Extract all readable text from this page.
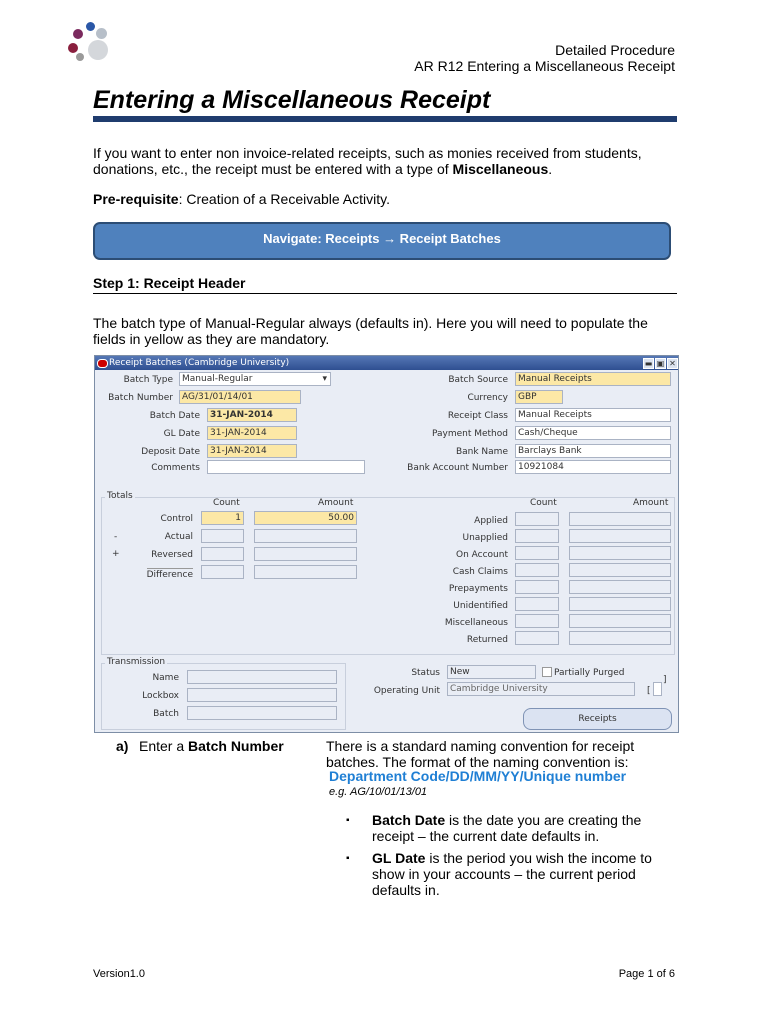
Detailed Procedure
AR R12 Entering a Miscellaneous Receipt
Entering a Miscellaneous Receipt
If you want to enter non invoice-related receipts, such as monies received from students, donations, etc., the receipt must be entered with a type of Miscellaneous.
Pre-requisite: Creation of a Receivable Activity.
Navigate: Receipts → Receipt Batches
Step 1: Receipt Header
The batch type of Manual-Regular always (defaults in). Here you will need to populate the fields in yellow as they are mandatory.
Receipt Batches (Cambridge University)	▬ ▣ ✕
Batch Type	Manual-Regular	▾
Batch Number	AG/31/01/14/01
Batch Date	31-JAN-2014
GL Date	31-JAN-2014
Deposit Date	31-JAN-2014
Comments
Batch Source	Manual Receipts
Currency	GBP
Receipt Class	Manual Receipts
Payment Method	Cash/Cheque
Bank Name	Barclays Bank
Bank Account Number	10921084
Totals
Count	Amount	Count	Amount
Control	1	50.00
-	Actual
+	Reversed
Difference
Applied
Unapplied
On Account
Cash Claims
Prepayments
Unidentified
Miscellaneous
Returned
Transmission
Name
Lockbox
Batch
Status	New	Partially Purged
]
Operating Unit	Cambridge University	[
Receipts
a) Enter a Batch Number	There is a standard naming convention for receipt batches. The format of the naming convention is:
Department Code/DD/MM/YY/Unique number
e.g. AG/10/01/13/01
▪ Batch Date is the date you are creating the receipt – the current date defaults in.
▪ GL Date is the period you wish the income to show in your accounts – the current period defaults in.
Version1.0	Page 1 of 6
